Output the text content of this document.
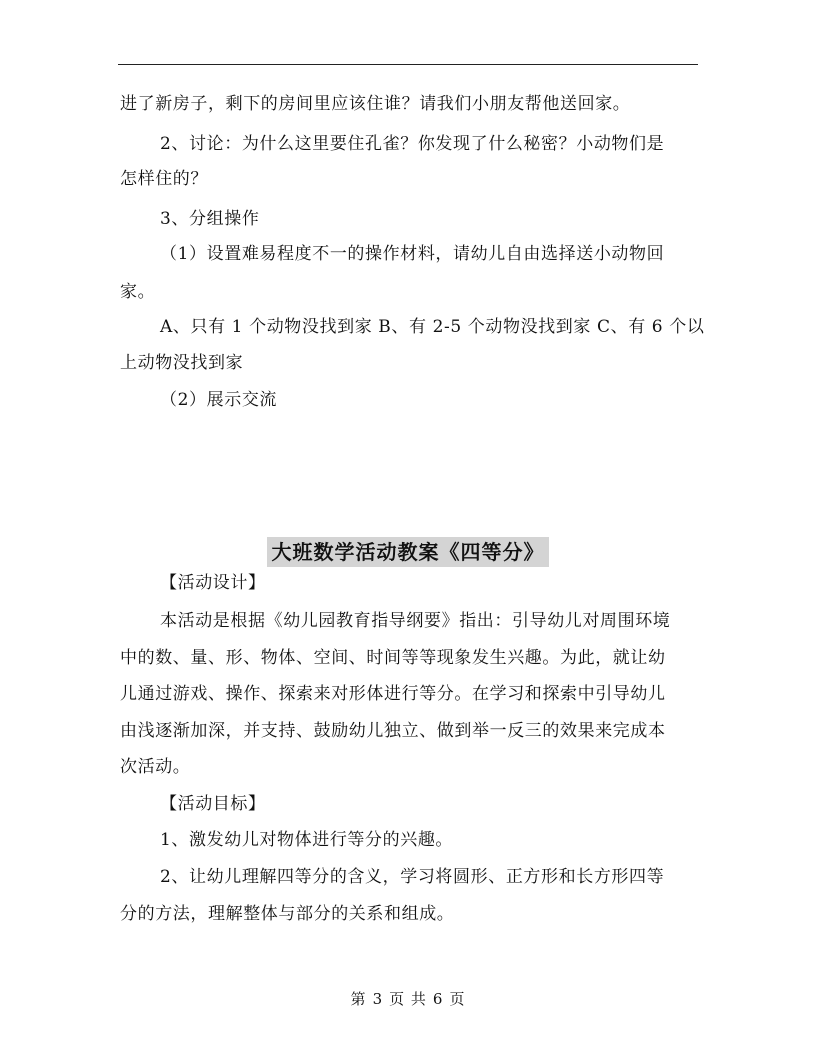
进了新房子，剩下的房间里应该住谁？请我们小朋友帮他送回家。
2、讨论：为什么这里要住孔雀？你发现了什么秘密？小动物们是
怎样住的？
3、分组操作
（1）设置难易程度不一的操作材料，请幼儿自由选择送小动物回
家。
A、只有 1 个动物没找到家 B、有 2-5 个动物没找到家 C、有 6 个以
上动物没找到家
（2）展示交流
大班数学活动教案《四等分》
【活动设计】
本活动是根据《幼儿园教育指导纲要》指出：引导幼儿对周围环境
中的数、量、形、物体、空间、时间等等现象发生兴趣。为此，就让幼
儿通过游戏、操作、探索来对形体进行等分。在学习和探索中引导幼儿
由浅逐渐加深，并支持、鼓励幼儿独立、做到举一反三的效果来完成本
次活动。
【活动目标】
1、激发幼儿对物体进行等分的兴趣。
2、让幼儿理解四等分的含义，学习将圆形、正方形和长方形四等
分的方法，理解整体与部分的关系和组成。
第 3 页 共 6 页
